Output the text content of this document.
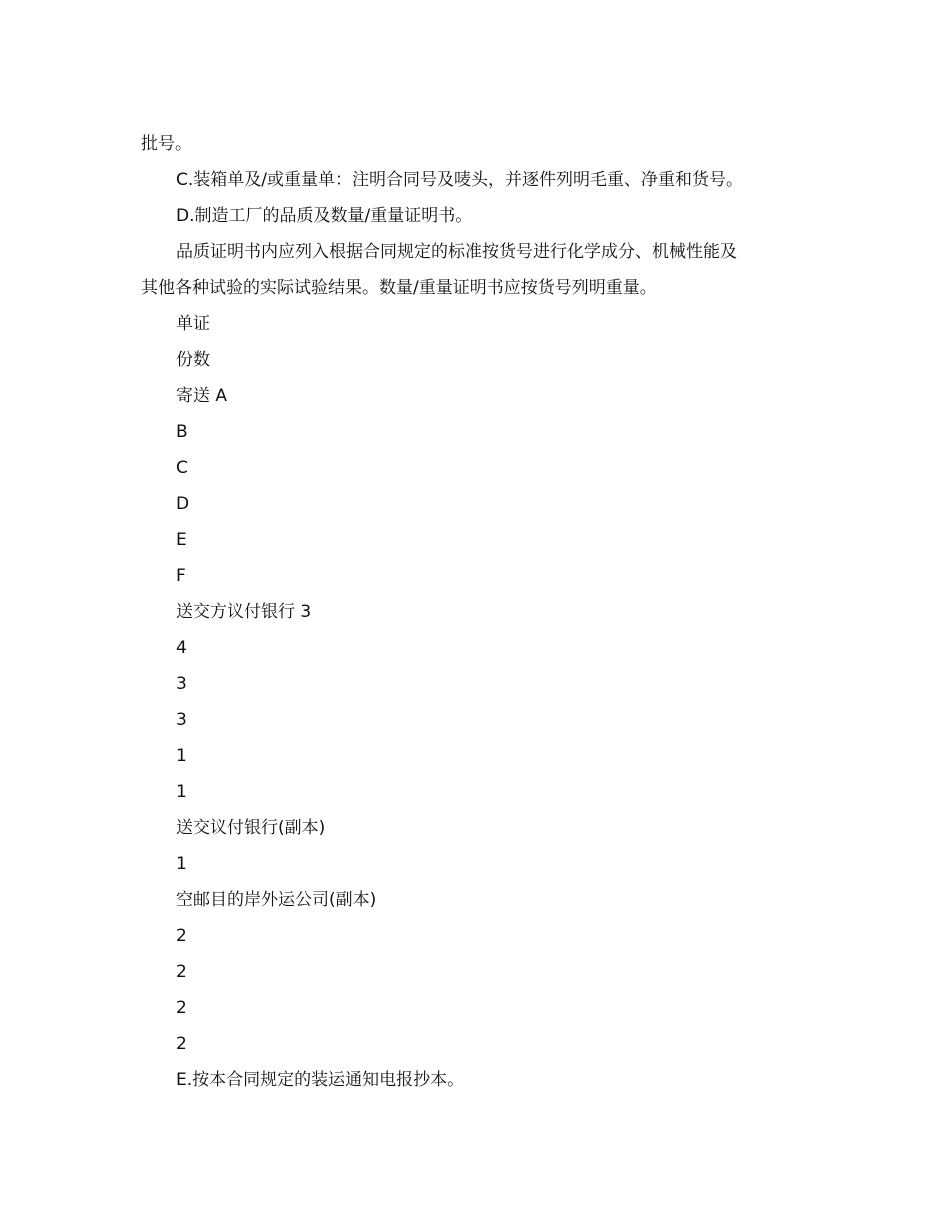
批号。

C.装箱单及/或重量单：注明合同号及唛头，并逐件列明毛重、净重和货号。

D.制造工厂的品质及数量/重量证明书。

品质证明书内应列入根据合同规定的标准按货号进行化学成分、机械性能及

其他各种试验的实际试验结果。数量/重量证明书应按货号列明重量。

单证

份数

寄送 A

B

C

D

E

F

送交方议付银行 3

4

3

3

1

1

送交议付银行(副本)

1

空邮目的岸外运公司(副本)

2

2

2

2

E.按本合同规定的装运通知电报抄本。
